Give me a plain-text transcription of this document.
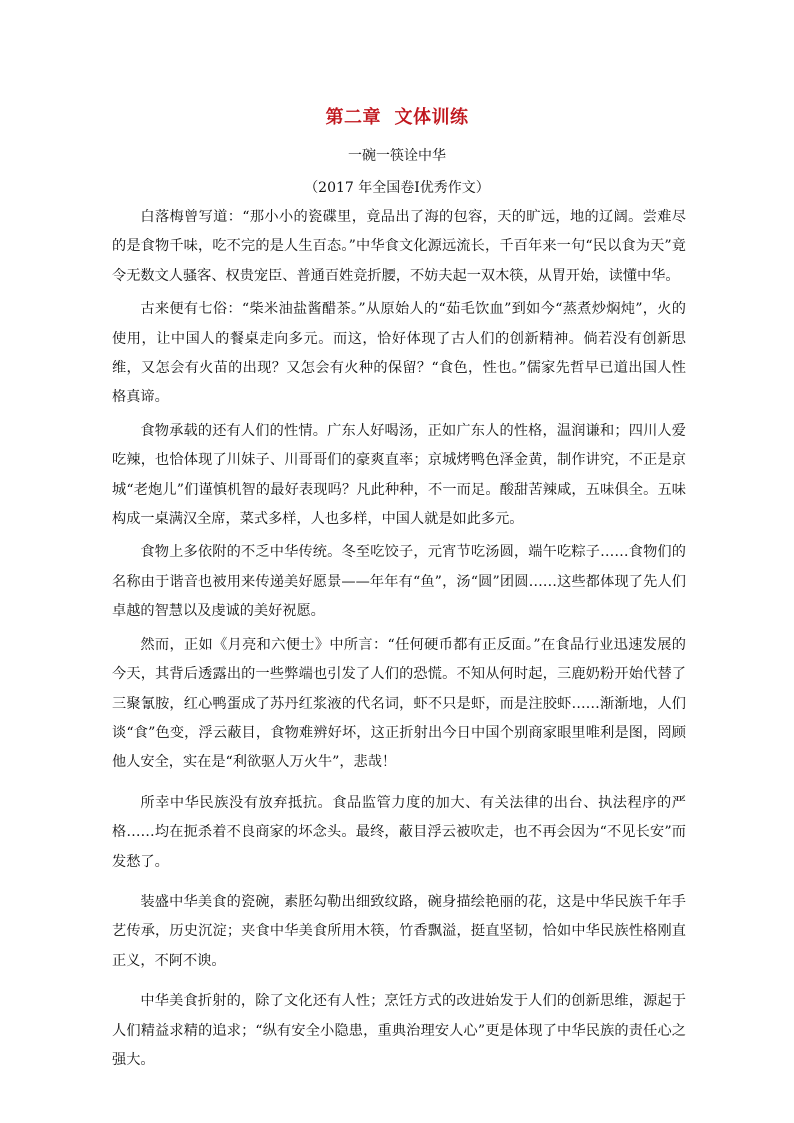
第二章  文体训练
一碗一筷诠中华
（2017 年全国卷Ⅰ优秀作文）

白落梅曾写道：“那小小的瓷碟里，竟品出了海的包容，天的旷远，地的辽阔。尝难尽的是食物千味，吃不完的是人生百态。”中华食文化源远流长，千百年来一句“民以食为天”竟令无数文人骚客、权贵宠臣、普通百姓竞折腰，不妨夫起一双木筷，从胃开始，读懂中华。

古来便有七俗：“柴米油盐酱醋茶。”从原始人的“茹毛饮血”到如今“蒸煮炒焖炖”，火的使用，让中国人的餐桌走向多元。而这，恰好体现了古人们的创新精神。倘若没有创新思维，又怎会有火苗的出现？又怎会有火种的保留？“食色，性也。”儒家先哲早已道出国人性格真谛。

食物承载的还有人们的性情。广东人好喝汤，正如广东人的性格，温润谦和；四川人爱吃辣，也恰体现了川妹子、川哥哥们的豪爽直率；京城烤鸭色泽金黄，制作讲究，不正是京城“老炮儿”们谨慎机智的最好表现吗？凡此种种，不一而足。酸甜苦辣咸，五味俱全。五味构成一桌满汉全席，菜式多样，人也多样，中国人就是如此多元。

食物上多依附的不乏中华传统。冬至吃饺子，元宵节吃汤圆，端午吃粽子……食物们的名称由于谐音也被用来传递美好愿景——年年有“鱼”，汤“圆”团圆……这些都体现了先人们卓越的智慧以及虔诚的美好祝愿。

然而，正如《月亮和六便士》中所言：“任何硬币都有正反面。”在食品行业迅速发展的今天，其背后透露出的一些弊端也引发了人们的恐慌。不知从何时起，三鹿奶粉开始代替了三聚氰胺，红心鸭蛋成了苏丹红浆液的代名词，虾不只是虾，而是注胶虾……渐渐地，人们谈“食”色变，浮云蔽目，食物难辨好坏，这正折射出今日中国个别商家眼里唯利是图，罔顾他人安全，实在是“利欲驱人万火牛”，悲哉！

所幸中华民族没有放弃抵抗。食品监管力度的加大、有关法律的出台、执法程序的严格……均在扼杀着不良商家的坏念头。最终，蔽目浮云被吹走，也不再会因为“不见长安”而发愁了。

装盛中华美食的瓷碗，素胚勾勒出细致纹路，碗身描绘艳丽的花，这是中华民族千年手艺传承，历史沉淀；夹食中华美食所用木筷，竹香飘溢，挺直坚韧，恰如中华民族性格刚直正义，不阿不谀。

中华美食折射的，除了文化还有人性；烹饪方式的改进始发于人们的创新思维，源起于人们精益求精的追求；“纵有安全小隐患，重典治理安人心”更是体现了中华民族的责任心之强大。
